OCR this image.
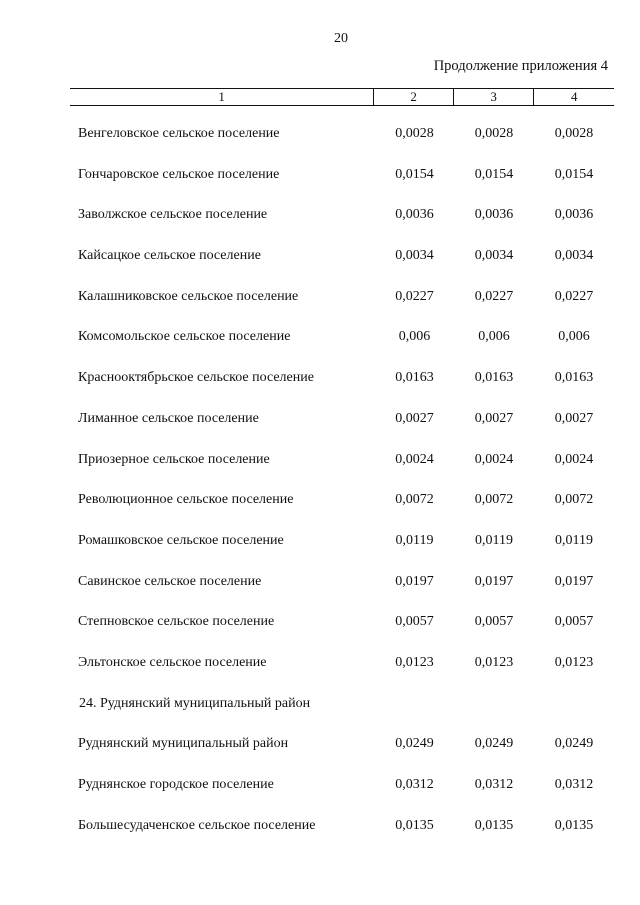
20
Продолжение приложения 4
1	2	3	4
Венгеловское сельское поселение	0,0028	0,0028	0,0028
Гончаровское сельское поселение	0,0154	0,0154	0,0154
Заволжское сельское поселение	0,0036	0,0036	0,0036
Кайсацкое сельское поселение	0,0034	0,0034	0,0034
Калашниковское сельское поселение	0,0227	0,0227	0,0227
Комсомольское сельское поселение	0,006	0,006	0,006
Краснооктябрьское сельское поселение	0,0163	0,0163	0,0163
Лиманное сельское поселение	0,0027	0,0027	0,0027
Приозерное сельское поселение	0,0024	0,0024	0,0024
Революционное сельское поселение	0,0072	0,0072	0,0072
Ромашковское сельское поселение	0,0119	0,0119	0,0119
Савинское сельское поселение	0,0197	0,0197	0,0197
Степновское сельское поселение	0,0057	0,0057	0,0057
Эльтонское сельское поселение	0,0123	0,0123	0,0123
24. Руднянский муниципальный район
Руднянский муниципальный район	0,0249	0,0249	0,0249
Руднянское городское поселение	0,0312	0,0312	0,0312
Большесудаченское сельское поселение	0,0135	0,0135	0,0135
